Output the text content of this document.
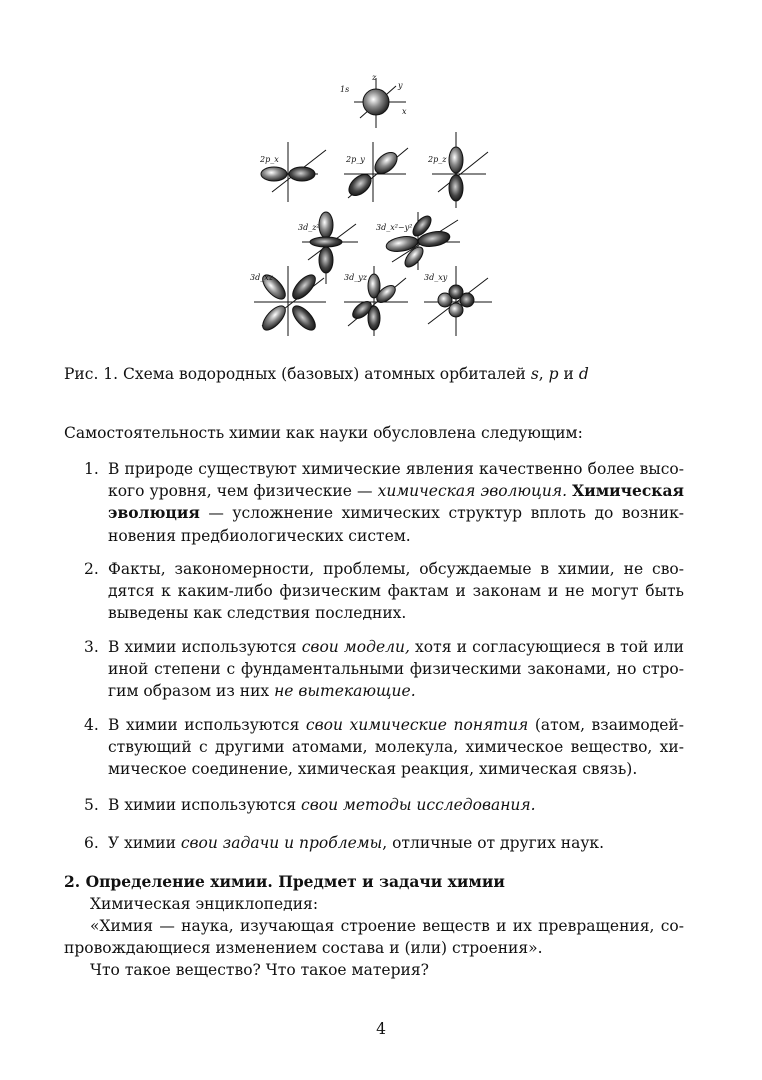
1s
2p_x	2p_y	2p_z
3d_z²	3d_x²−y²
3d_xz	3d_yz	3d_xy
z
y
x
Рис. 1. Схема водородных (базовых) атомных орбиталей s, p и d
Самостоятельность химии как науки обусловлена следующим:
1. В природе существуют химические явления качественно более высо-
кого уровня, чем физические — химическая эволюция. Химическая
эволюция — усложнение химических структур вплоть до возник-
новения предбиологических систем.
2. Факты, закономерности, проблемы, обсуждаемые в химии, не сво-
дятся к каким-либо физическим фактам и законам и не могут быть
выведены как следствия последних.
3. В химии используются свои модели, хотя и согласующиеся в той или
иной степени с фундаментальными физическими законами, но стро-
гим образом из них не вытекающие.
4. В химии используются свои химические понятия (атом, взаимодей-
ствующий с другими атомами, молекула, химическое вещество, хи-
мическое соединение, химическая реакция, химическая связь).
5. В химии используются свои методы исследования.
6. У химии свои задачи и проблемы, отличные от других наук.
2. Определение химии. Предмет и задачи химии
Химическая энциклопедия:
«Химия — наука, изучающая строение веществ и их превращения, со-
провождающиеся изменением состава и (или) строения».
Что такое вещество? Что такое материя?
4
